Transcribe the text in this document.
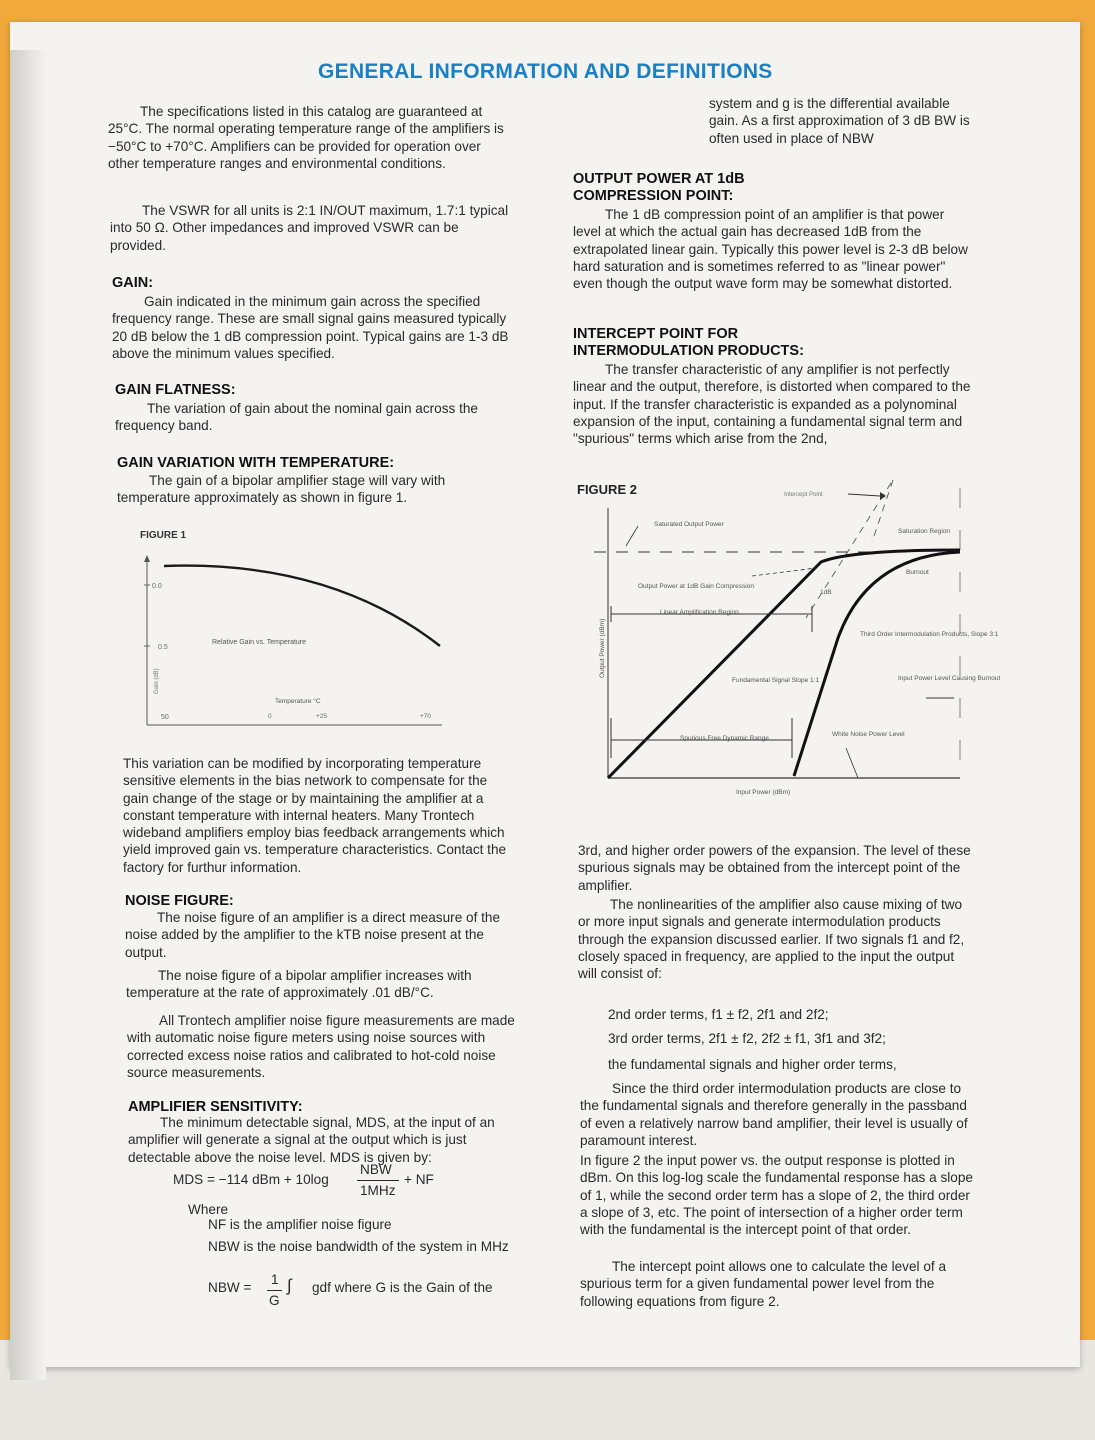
GENERAL INFORMATION AND DEFINITIONS

The specifications listed in this catalog are guaranteed at 25°C. The normal operating temperature range of the amplifiers is −50°C to +70°C. Amplifiers can be provided for operation over other temperature ranges and environmental conditions.

The VSWR for all units is 2:1 IN/OUT maximum, 1.7:1 typical into 50 Ω. Other impedances and improved VSWR can be provided.

GAIN:

Gain indicated in the minimum gain across the specified frequency range. These are small signal gains measured typically 20 dB below the 1 dB compression point. Typical gains are 1-3 dB above the minimum values specified.

GAIN FLATNESS:

The variation of gain about the nominal gain across the frequency band.

GAIN VARIATION WITH TEMPERATURE:

The gain of a bipolar amplifier stage will vary with temperature approximately as shown in figure 1.

FIGURE 1
0.0
0.5
50
Gain (dB)
Relative Gain vs. Temperature
Temperature °C
0	+25	+70

This variation can be modified by incorporating temperature sensitive elements in the bias network to compensate for the gain change of the stage or by maintaining the amplifier at a constant temperature with internal heaters. Many Trontech wideband amplifiers employ bias feedback arrangements which yield improved gain vs. temperature characteristics. Contact the factory for furthur information.

NOISE FIGURE:

The noise figure of an amplifier is a direct measure of the noise added by the amplifier to the kTB noise present at the output.

The noise figure of a bipolar amplifier increases with temperature at the rate of approximately .01 dB/°C.

All Trontech amplifier noise figure measurements are made with automatic noise figure meters using noise sources with corrected excess noise ratios and calibrated to hot-cold noise source measurements.

AMPLIFIER SENSITIVITY:

The minimum detectable signal, MDS, at the input of an amplifier will generate a signal at the output which is just detectable above the noise level. MDS is given by:

MDS = −114 dBm + 10log
NBW
1MHz
+ NF
Where
NF is the amplifier noise figure

NBW is the noise bandwidth of the system in MHz

NBW =
1
G
∫ gdf where G is the Gain of the

system and g is the differential available gain. As a first approximation of 3 dB BW is often used in place of NBW

OUTPUT POWER AT 1dB COMPRESSION POINT:

The 1 dB compression point of an amplifier is that power level at which the actual gain has decreased 1dB from the extrapolated linear gain. Typically this power level is 2-3 dB below hard saturation and is sometimes referred to as "linear power" even though the output wave form may be somewhat distorted.

INTERCEPT POINT FOR INTERMODULATION PRODUCTS:

The transfer characteristic of any amplifier is not perfectly linear and the output, therefore, is distorted when compared to the input. If the transfer characteristic is expanded as a polynominal expansion of the input, containing a fundamental signal term and "spurious" terms which arise from the 2nd,

FIGURE 2
Output Power (dBm)
Input Power (dBm)
Intercept Point
Saturated Output Power
Saturation Region
Burnout
Output Power at 1dB Gain Compression
1dB
Linear Amplification Region
Third Order Intermodulation Products, Slope 3:1
Fundamental Signal Slope 1:1	Input Power Level Causing Burnout
Spurious Free Dynamic Range
White Noise Power Level

3rd, and higher order powers of the expansion. The level of these spurious signals may be obtained from the intercept point of the amplifier.

The nonlinearities of the amplifier also cause mixing of two or more input signals and generate intermodulation products through the expansion discussed earlier. If two signals f1 and f2, closely spaced in frequency, are applied to the input the output will consist of:

2nd order terms, f1 ± f2, 2f1 and 2f2;
3rd order terms, 2f1 ± f2, 2f2 ± f1, 3f1 and 3f2;
the fundamental signals and higher order terms,

Since the third order intermodulation products are close to the fundamental signals and therefore generally in the passband of even a relatively narrow band amplifier, their level is usually of paramount interest.

In figure 2 the input power vs. the output response is plotted in dBm. On this log-log scale the fundamental response has a slope of 1, while the second order term has a slope of 2, the third order a slope of 3, etc. The point of intersection of a higher order term with the fundamental is the intercept point of that order.

The intercept point allows one to calculate the level of a spurious term for a given fundamental power level from the following equations from figure 2.
